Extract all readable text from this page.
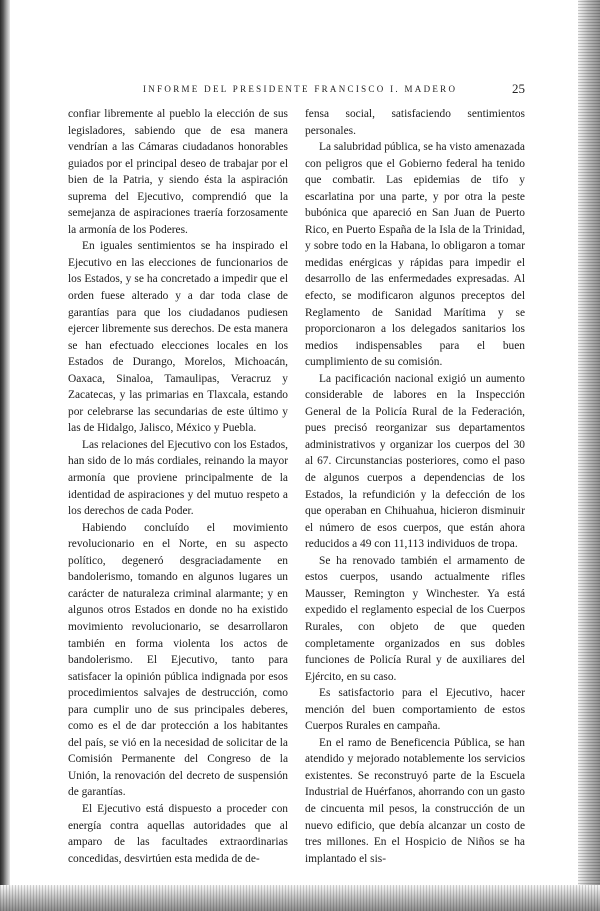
INFORME DEL PRESIDENTE FRANCISCO I. MADERO	25

confiar libremente al pueblo la elección de sus legisladores, sabiendo que de esa manera vendrían a las Cámaras ciudadanos honorables guiados por el principal deseo de trabajar por el bien de la Patria, y siendo ésta la aspiración suprema del Ejecutivo, comprendió que la semejanza de aspiraciones traería forzosamente la armonía de los Poderes.

En iguales sentimientos se ha inspirado el Ejecutivo en las elecciones de funcionarios de los Estados, y se ha concretado a impedir que el orden fuese alterado y a dar toda clase de garantías para que los ciudadanos pudiesen ejercer libremente sus derechos. De esta manera se han efectuado elecciones locales en los Estados de Durango, Morelos, Michoacán, Oaxaca, Sinaloa, Tamaulipas, Veracruz y Zacatecas, y las primarias en Tlaxcala, estando por celebrarse las secundarias de este último y las de Hidalgo, Jalisco, México y Puebla.

Las relaciones del Ejecutivo con los Estados, han sido de lo más cordiales, reinando la mayor armonía que proviene principalmente de la identidad de aspiraciones y del mutuo respeto a los derechos de cada Poder.

Habiendo concluído el movimiento revolucionario en el Norte, en su aspecto político, degeneró desgraciadamente en bandolerismo, tomando en algunos lugares un carácter de naturaleza criminal alarmante; y en algunos otros Estados en donde no ha existido movimiento revolucionario, se desarrollaron también en forma violenta los actos de bandolerismo. El Ejecutivo, tanto para satisfacer la opinión pública indignada por esos procedimientos salvajes de destrucción, como para cumplir uno de sus principales deberes, como es el de dar protección a los habitantes del país, se vió en la necesidad de solicitar de la Comisión Permanente del Congreso de la Unión, la renovación del decreto de suspensión de garantías.

El Ejecutivo está dispuesto a proceder con energía contra aquellas autoridades que al amparo de las facultades extraordinarias concedidas, desvirtúen esta medida de de-

fensa social, satisfaciendo sentimientos personales.

La salubridad pública, se ha visto amenazada con peligros que el Gobierno federal ha tenido que combatir. Las epidemias de tifo y escarlatina por una parte, y por otra la peste bubónica que apareció en San Juan de Puerto Rico, en Puerto España de la Isla de la Trinidad, y sobre todo en la Habana, lo obligaron a tomar medidas enérgicas y rápidas para impedir el desarrollo de las enfermedades expresadas. Al efecto, se modificaron algunos preceptos del Reglamento de Sanidad Marítima y se proporcionaron a los delegados sanitarios los medios indispensables para el buen cumplimiento de su comisión.

La pacificación nacional exigió un aumento considerable de labores en la Inspección General de la Policía Rural de la Federación, pues precisó reorganizar sus departamentos administrativos y organizar los cuerpos del 30 al 67. Circunstancias posteriores, como el paso de algunos cuerpos a dependencias de los Estados, la refundición y la defección de los que operaban en Chihuahua, hicieron disminuir el número de esos cuerpos, que están ahora reducidos a 49 con 11,113 individuos de tropa.

Se ha renovado también el armamento de estos cuerpos, usando actualmente rifles Mausser, Remington y Winchester. Ya está expedido el reglamento especial de los Cuerpos Rurales, con objeto de que queden completamente organizados en sus dobles funciones de Policía Rural y de auxiliares del Ejército, en su caso.

Es satisfactorio para el Ejecutivo, hacer mención del buen comportamiento de estos Cuerpos Rurales en campaña.

En el ramo de Beneficencia Pública, se han atendido y mejorado notablemente los servicios existentes. Se reconstruyó parte de la Escuela Industrial de Huérfanos, ahorrando con un gasto de cincuenta mil pesos, la construcción de un nuevo edificio, que debía alcanzar un costo de tres millones. En el Hospicio de Niños se ha implantado el sis-
